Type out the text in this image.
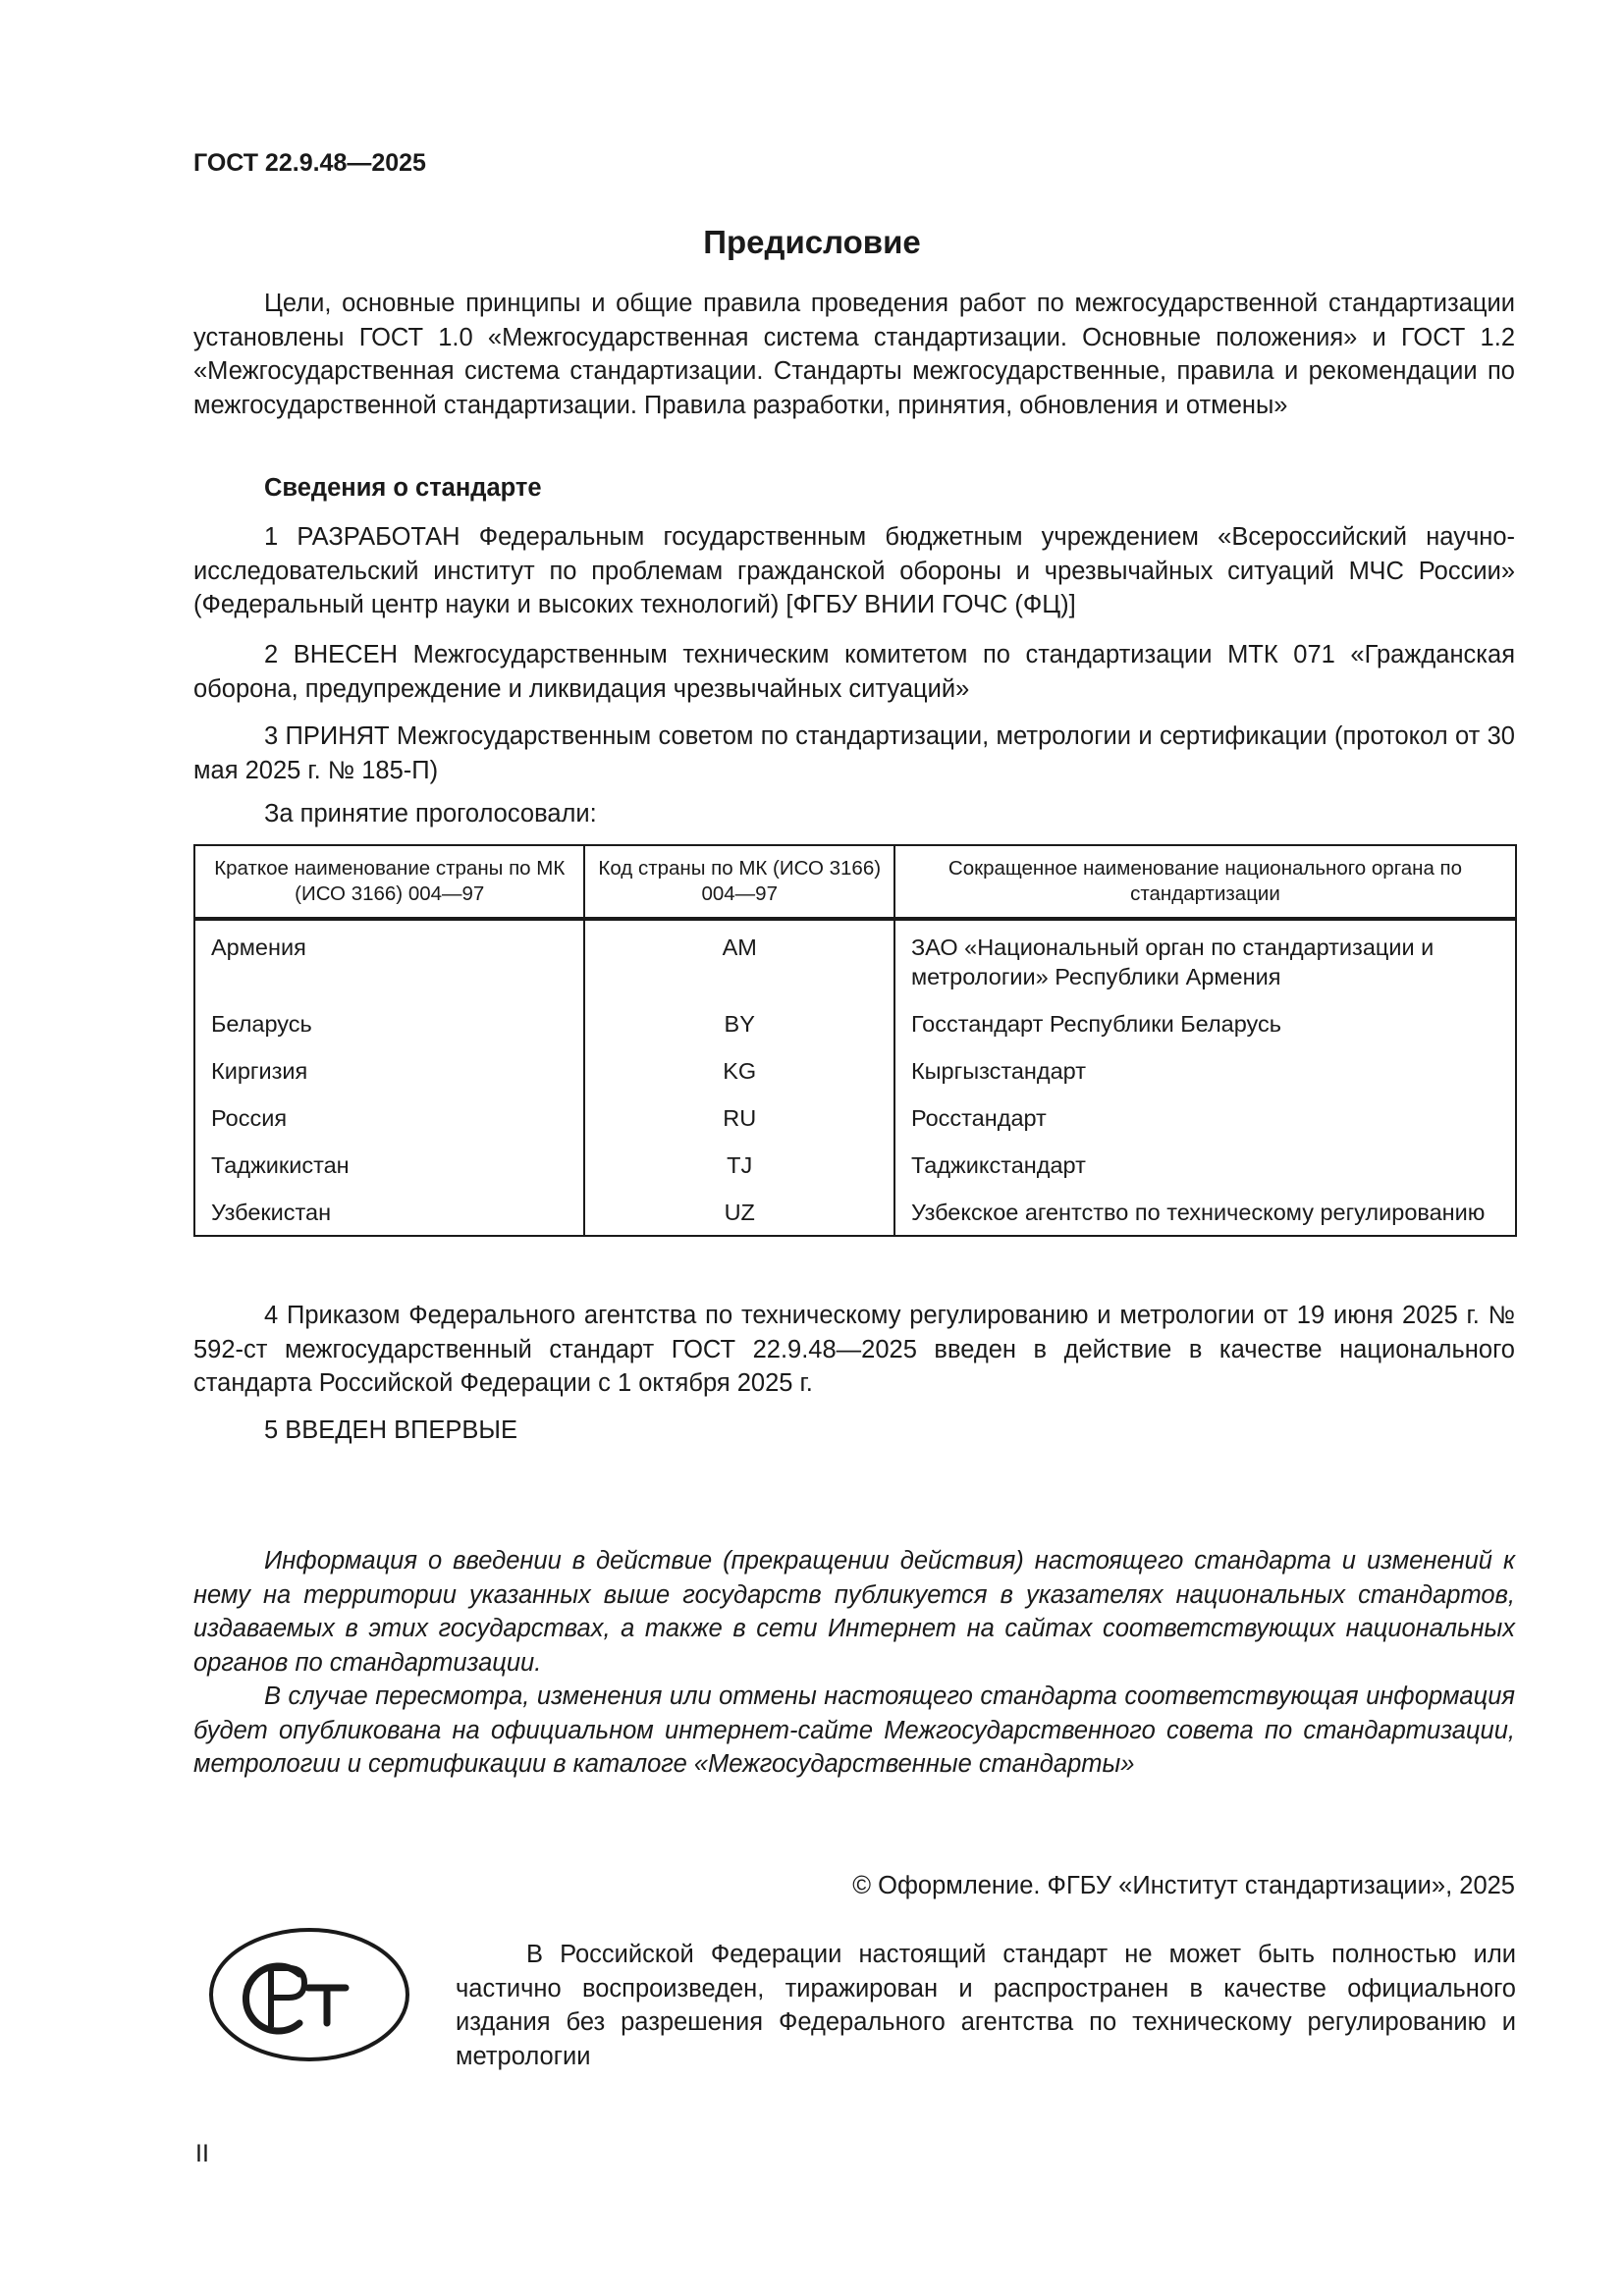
ГОСТ 22.9.48—2025
Предисловие
Цели, основные принципы и общие правила проведения работ по межгосударственной стандартизации установлены ГОСТ 1.0 «Межгосударственная система стандартизации. Основные положения» и ГОСТ 1.2 «Межгосударственная система стандартизации. Стандарты межгосударственные, правила и рекомендации по межгосударственной стандартизации. Правила разработки, принятия, обновления и отмены»
Сведения о стандарте
1 РАЗРАБОТАН Федеральным государственным бюджетным учреждением «Всероссийский научно-исследовательский институт по проблемам гражданской обороны и чрезвычайных ситуаций МЧС России» (Федеральный центр науки и высоких технологий) [ФГБУ ВНИИ ГОЧС (ФЦ)]
2 ВНЕСЕН Межгосударственным техническим комитетом по стандартизации МТК 071 «Гражданская оборона, предупреждение и ликвидация чрезвычайных ситуаций»
3 ПРИНЯТ Межгосударственным советом по стандартизации, метрологии и сертификации (протокол от 30 мая 2025 г. № 185-П)
За принятие проголосовали:
Краткое наименование страны по МК (ИСО 3166) 004—97	Код страны по МК (ИСО 3166) 004—97	Сокращенное наименование национального органа по стандартизации
Армения	AM	ЗАО «Национальный орган по стандартизации и метрологии» Республики Армения
Беларусь	BY	Госстандарт Республики Беларусь
Киргизия	KG	Кыргызстандарт
Россия	RU	Росстандарт
Таджикистан	TJ	Таджикстандарт
Узбекистан	UZ	Узбекское агентство по техническому регулированию
4 Приказом Федерального агентства по техническому регулированию и метрологии от 19 июня 2025 г. № 592-ст межгосударственный стандарт ГОСТ 22.9.48—2025 введен в действие в качестве национального стандарта Российской Федерации с 1 октября 2025 г.
5 ВВЕДЕН ВПЕРВЫЕ
Информация о введении в действие (прекращении действия) настоящего стандарта и изменений к нему на территории указанных выше государств публикуется в указателях национальных стандартов, издаваемых в этих государствах, а также в сети Интернет на сайтах соответствующих национальных органов по стандартизации.
В случае пересмотра, изменения или отмены настоящего стандарта соответствующая информация будет опубликована на официальном интернет-сайте Межгосударственного совета по стандартизации, метрологии и сертификации в каталоге «Межгосударственные стандарты»
© Оформление. ФГБУ «Институт стандартизации», 2025
В Российской Федерации настоящий стандарт не может быть полностью или частично воспроизведен, тиражирован и распространен в качестве официального издания без разрешения Федерального агентства по техническому регулированию и метрологии
II
